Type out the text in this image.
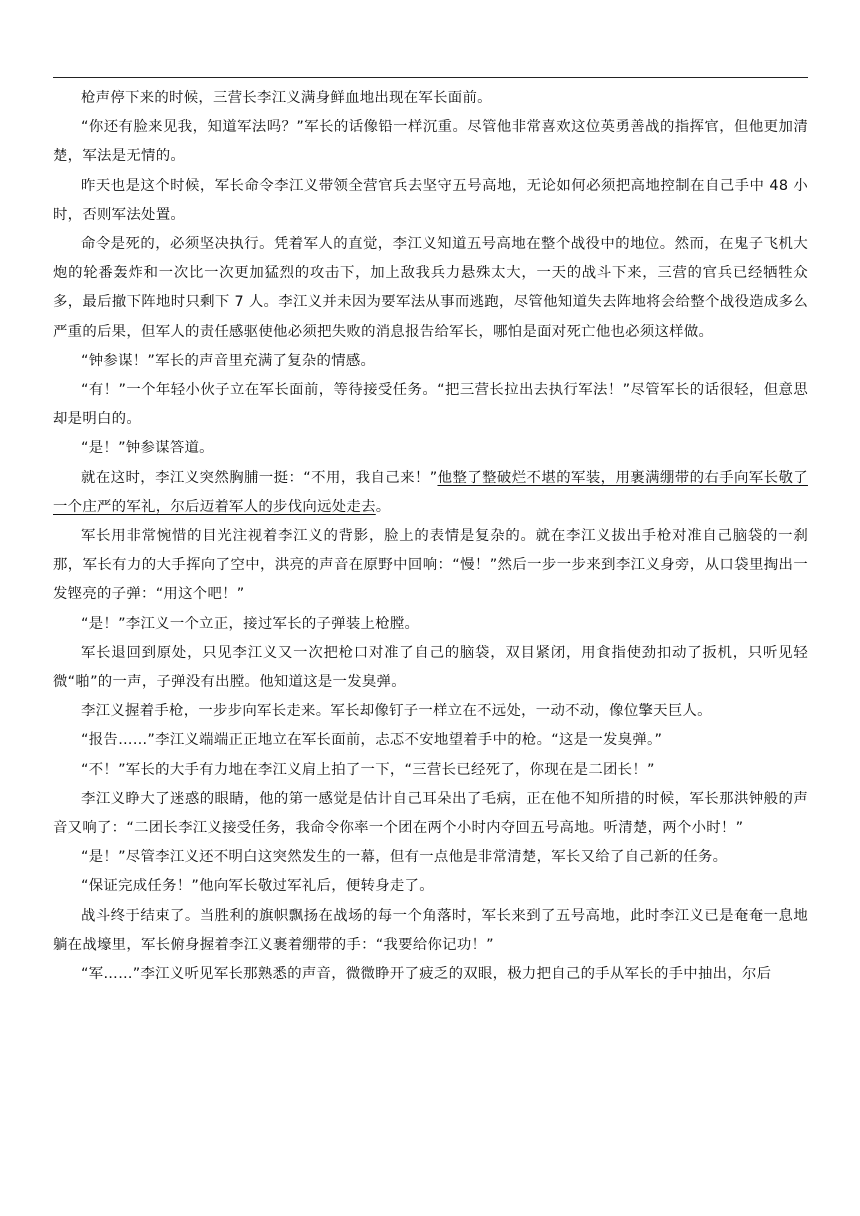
枪声停下来的时候，三营长李江义满身鲜血地出现在军长面前。

“你还有脸来见我，知道军法吗？”军长的话像铅一样沉重。尽管他非常喜欢这位英勇善战的指挥官，但他更加清楚，军法是无情的。

昨天也是这个时候，军长命令李江义带领全营官兵去坚守五号高地，无论如何必须把高地控制在自己手中 48 小时，否则军法处置。

命令是死的，必须坚决执行。凭着军人的直觉，李江义知道五号高地在整个战役中的地位。然而，在鬼子飞机大炮的轮番轰炸和一次比一次更加猛烈的攻击下，加上敌我兵力悬殊太大，一天的战斗下来，三营的官兵已经牺牲众多，最后撤下阵地时只剩下 7 人。李江义并未因为要军法从事而逃跑，尽管他知道失去阵地将会给整个战役造成多么严重的后果，但军人的责任感驱使他必须把失败的消息报告给军长，哪怕是面对死亡他也必须这样做。

“钟参谋！”军长的声音里充满了复杂的情感。

“有！”一个年轻小伙子立在军长面前，等待接受任务。“把三营长拉出去执行军法！”尽管军长的话很轻，但意思却是明白的。

“是！”钟参谋答道。

就在这时，李江义突然胸脯一挺：“不用，我自己来！”他整了整破烂不堪的军装，用裹满绷带的右手向军长敬了一个庄严的军礼，尔后迈着军人的步伐向远处走去。

军长用非常惋惜的目光注视着李江义的背影，脸上的表情是复杂的。就在李江义拔出手枪对准自己脑袋的一刹那，军长有力的大手挥向了空中，洪亮的声音在原野中回响：“慢！”然后一步一步来到李江义身旁，从口袋里掏出一发铿亮的子弹：“用这个吧！”

“是！”李江义一个立正，接过军长的子弹装上枪膛。

军长退回到原处，只见李江义又一次把枪口对准了自己的脑袋，双目紧闭，用食指使劲扣动了扳机，只听见轻微“啪”的一声，子弹没有出膛。他知道这是一发臭弹。

李江义握着手枪，一步步向军长走来。军长却像钉子一样立在不远处，一动不动，像位擎天巨人。

“报告……”李江义端端正正地立在军长面前，忐忑不安地望着手中的枪。“这是一发臭弹。”

“不！”军长的大手有力地在李江义肩上拍了一下，“三营长已经死了，你现在是二团长！”

李江义睁大了迷惑的眼睛，他的第一感觉是估计自己耳朵出了毛病，正在他不知所措的时候，军长那洪钟般的声音又响了：“二团长李江义接受任务，我命令你率一个团在两个小时内夺回五号高地。听清楚，两个小时！”

“是！”尽管李江义还不明白这突然发生的一幕，但有一点他是非常清楚，军长又给了自己新的任务。

“保证完成任务！”他向军长敬过军礼后，便转身走了。

战斗终于结束了。当胜利的旗帜飘扬在战场的每一个角落时，军长来到了五号高地，此时李江义已是奄奄一息地躺在战壕里，军长俯身握着李江义裹着绷带的手：“我要给你记功！”

“军……”李江义听见军长那熟悉的声音，微微睁开了疲乏的双眼，极力把自己的手从军长的手中抽出，尔后
